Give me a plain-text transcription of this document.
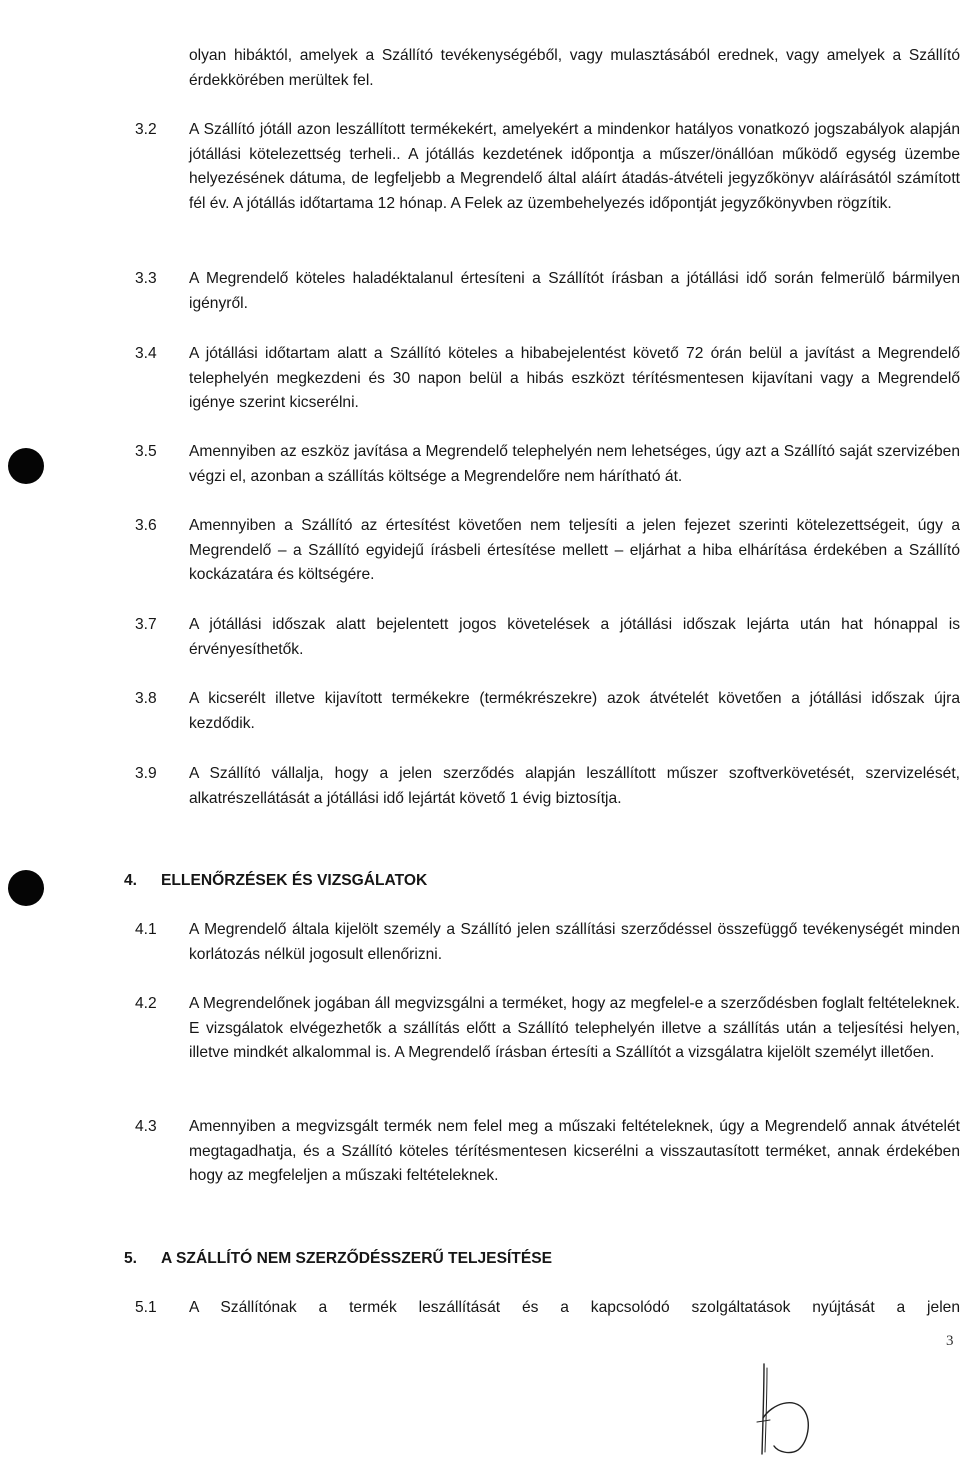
olyan hibáktól, amelyek a Szállító tevékenységéből, vagy mulasztásából erednek, vagy amelyek a Szállító érdekkörében merültek fel.

3.2 A Szállító jótáll azon leszállított termékekért, amelyekért a mindenkor hatályos vonatkozó jogszabályok alapján jótállási kötelezettség terheli.. A jótállás kezdetének időpontja a műszer/önállóan működő egység üzembe helyezésének dátuma, de legfeljebb a Megrendelő által aláírt átadás-átvételi jegyzőkönyv aláírásától számított fél év. A jótállás időtartama 12 hónap. A Felek az üzembehelyezés időpontját jegyzőkönyvben rögzítik.

3.3 A Megrendelő köteles haladéktalanul értesíteni a Szállítót írásban a jótállási idő során felmerülő bármilyen igényről.

3.4 A jótállási időtartam alatt a Szállító köteles a hibabejelentést követő 72 órán belül a javítást a Megrendelő telephelyén megkezdeni és 30 napon belül a hibás eszközt térítésmentesen kijavítani vagy a Megrendelő igénye szerint kicserélni.

3.5 Amennyiben az eszköz javítása a Megrendelő telephelyén nem lehetséges, úgy azt a Szállító saját szervizében végzi el, azonban a szállítás költsége a Megrendelőre nem hárítható át.

3.6 Amennyiben a Szállító az értesítést követően nem teljesíti a jelen fejezet szerinti kötelezettségeit, úgy a Megrendelő – a Szállító egyidejű írásbeli értesítése mellett – eljárhat a hiba elhárítása érdekében a Szállító kockázatára és költségére.

3.7 A jótállási időszak alatt bejelentett jogos követelések a jótállási időszak lejárta után hat hónappal is érvényesíthetők.

3.8 A kicserélt illetve kijavított termékekre (termékrészekre) azok átvételét követően a jótállási időszak újra kezdődik.

3.9 A Szállító vállalja, hogy a jelen szerződés alapján leszállított műszer szoftverkövetését, szervizelését, alkatrészellátását a jótállási idő lejártát követő 1 évig biztosítja.

4. ELLENŐRZÉSEK ÉS VIZSGÁLATOK
4.1 A Megrendelő általa kijelölt személy a Szállító jelen szállítási szerződéssel összefüggő tevékenységét minden korlátozás nélkül jogosult ellenőrizni.

4.2 A Megrendelőnek jogában áll megvizsgálni a terméket, hogy az megfelel-e a szerződésben foglalt feltételeknek. E vizsgálatok elvégezhetők a szállítás előtt a Szállító telephelyén illetve a szállítás után a teljesítési helyen, illetve mindkét alkalommal is. A Megrendelő írásban értesíti a Szállítót a vizsgálatra kijelölt személyt illetően.

4.3 Amennyiben a megvizsgált termék nem felel meg a műszaki feltételeknek, úgy a Megrendelő annak átvételét megtagadhatja, és a Szállító köteles térítésmentesen kicserélni a visszautasított terméket, annak érdekében hogy az megfeleljen a műszaki feltételeknek.

5. A SZÁLLÍTÓ NEM SZERZŐDÉSSZERŰ TELJESÍTÉSE
5.1 A Szállítónak a termék leszállítását és a kapcsolódó szolgáltatások nyújtását a jelen

3
